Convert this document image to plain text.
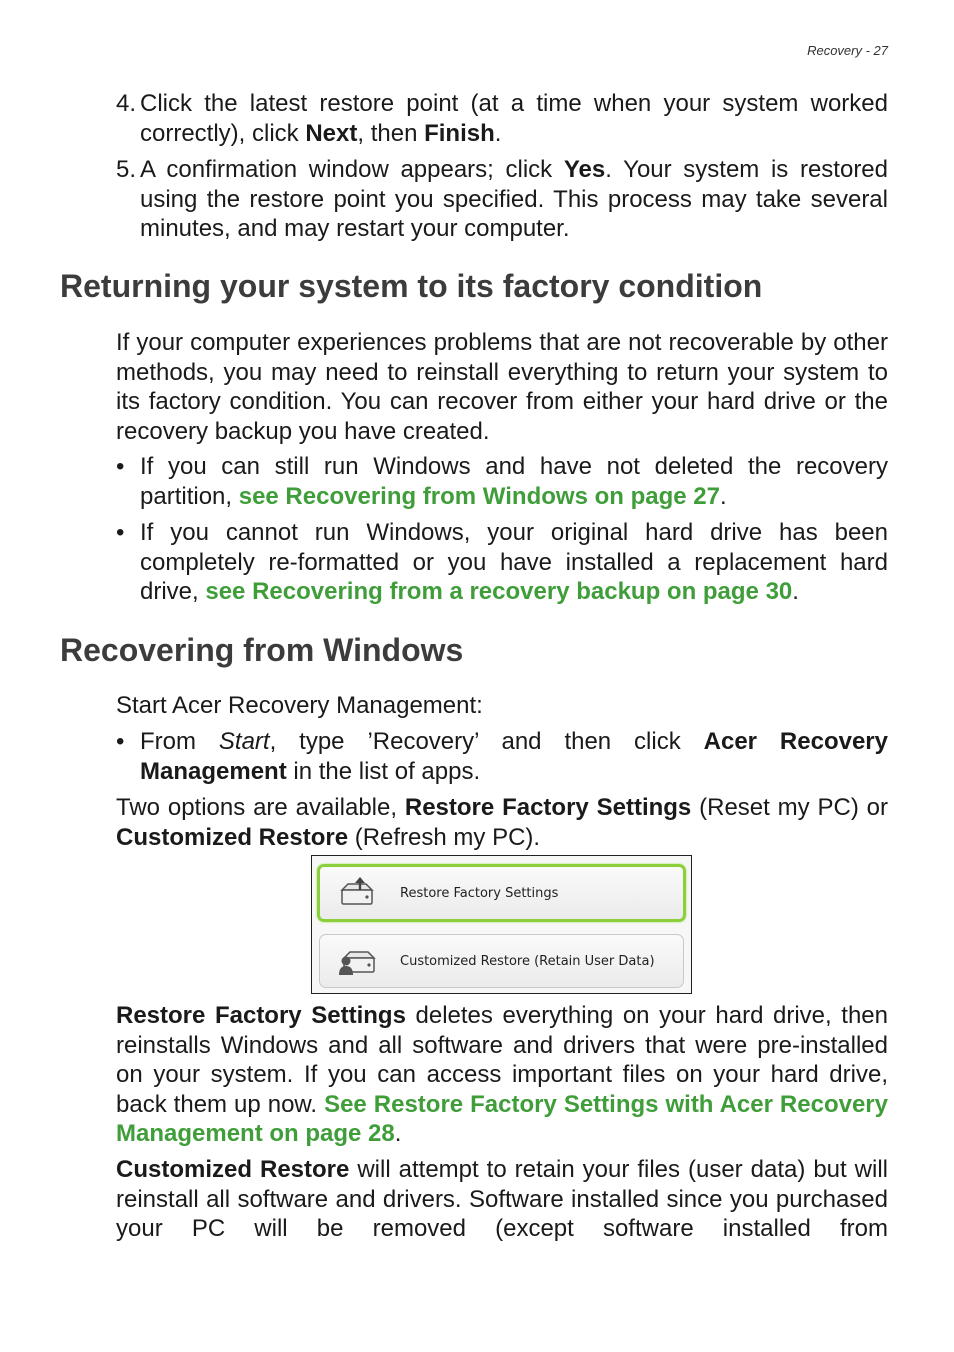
Recovery - 27
4. Click the latest restore point (at a time when your system worked correctly), click Next, then Finish.
5. A confirmation window appears; click Yes. Your system is restored using the restore point you specified. This process may take several minutes, and may restart your computer.
Returning your system to its factory condition
If your computer experiences problems that are not recoverable by other methods, you may need to reinstall everything to return your system to its factory condition. You can recover from either your hard drive or the recovery backup you have created.
• If you can still run Windows and have not deleted the recovery partition, see Recovering from Windows on page 27.
• If you cannot run Windows, your original hard drive has been completely re-formatted or you have installed a replacement hard drive, see Recovering from a recovery backup on page 30.
Recovering from Windows
Start Acer Recovery Management:
• From Start, type ’Recovery’ and then click Acer Recovery Management in the list of apps.
Two options are available, Restore Factory Settings (Reset my PC) or Customized Restore (Refresh my PC).
Restore Factory Settings
Customized Restore (Retain User Data)
Restore Factory Settings deletes everything on your hard drive, then reinstalls Windows and all software and drivers that were pre-installed on your system. If you can access important files on your hard drive, back them up now. See Restore Factory Settings with Acer Recovery Management on page 28.
Customized Restore will attempt to retain your files (user data) but will reinstall all software and drivers. Software installed since you purchased your PC will be removed (except software installed from
